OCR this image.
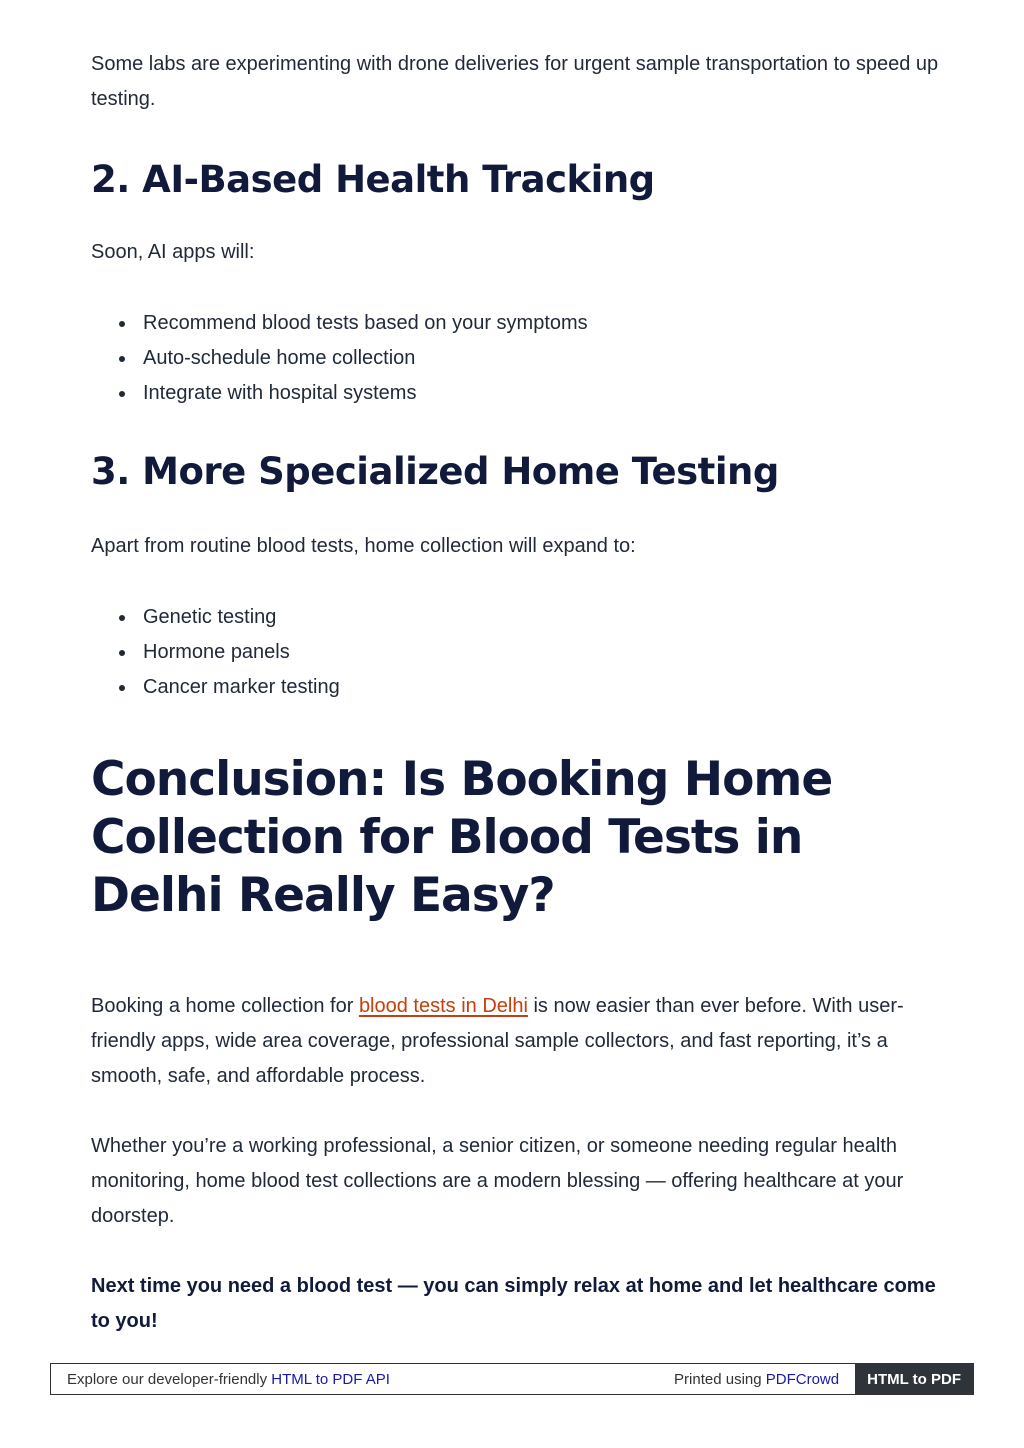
Some labs are experimenting with drone deliveries for urgent sample transportation to speed up testing.

2. AI-Based Health Tracking

Soon, AI apps will:

Recommend blood tests based on your symptoms
Auto-schedule home collection
Integrate with hospital systems
3. More Specialized Home Testing

Apart from routine blood tests, home collection will expand to:

Genetic testing
Hormone panels
Cancer marker testing
Conclusion: Is Booking Home Collection for Blood Tests in Delhi Really Easy?

Booking a home collection for blood tests in Delhi is now easier than ever before. With user-friendly apps, wide area coverage, professional sample collectors, and fast reporting, it’s a smooth, safe, and affordable process.

Whether you’re a working professional, a senior citizen, or someone needing regular health monitoring, home blood test collections are a modern blessing — offering healthcare at your doorstep.

Next time you need a blood test — you can simply relax at home and let healthcare come to you!

Explore our developer-friendly HTML to PDF API	Printed using PDFCrowd	HTML to PDF
